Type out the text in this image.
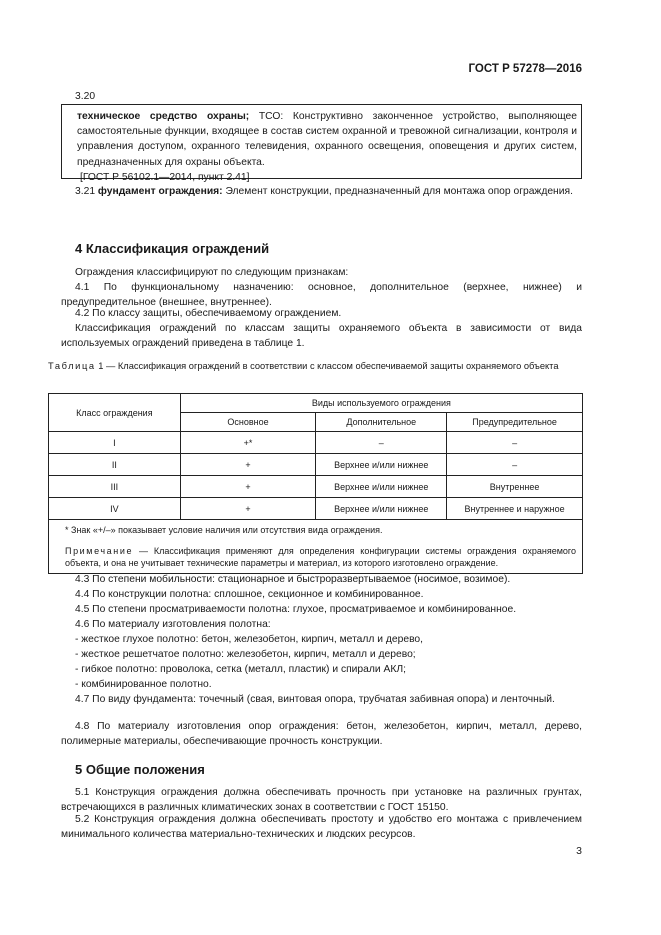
ГОСТ Р 57278—2016
3.20
техническое средство охраны; ТСО: Конструктивно законченное устройство, выполняющее самостоятельные функции, входящее в состав систем охранной и тревожной сигнализации, контроля и управления доступом, охранного телевидения, охранного освещения, оповещения и других систем, предназначенных для охраны объекта.
[ГОСТ Р 56102.1—2014, пункт 2.41]
3.21 фундамент ограждения: Элемент конструкции, предназначенный для монтажа опор ограждения.
4 Классификация ограждений
Ограждения классифицируют по следующим признакам:
4.1 По функциональному назначению: основное, дополнительное (верхнее, нижнее) и предупредительное (внешнее, внутреннее).
4.2 По классу защиты, обеспечиваемому ограждением.
Классификация ограждений по классам защиты охраняемого объекта в зависимости от вида используемых ограждений приведена в таблице 1.
Таблица 1 — Классификация ограждений в соответствии с классом обеспечиваемой защиты охраняемого объекта
Класс ограждения	Виды используемого ограждения		
	Основное	Дополнительное	Предупредительное
I	+*	–	–
II	+	Верхнее и/или нижнее	–
III	+	Верхнее и/или нижнее	Внутреннее
IV	+	Верхнее и/или нижнее	Внутреннее и наружное
* Знак «+/–» показывает условие наличия или отсутствия вида ограждения.
Примечание — Классификация применяют для определения конфигурации системы ограждения охраняемого объекта, и она не учитывает технические параметры и материал, из которого изготовлено ограждение.			
4.3 По степени мобильности: стационарное и быстроразвертываемое (носимое, возимое).
4.4 По конструкции полотна: сплошное, секционное и комбинированное.
4.5 По степени просматриваемости полотна: глухое, просматриваемое и комбинированное.
4.6 По материалу изготовления полотна:
- жесткое глухое полотно: бетон, железобетон, кирпич, металл и дерево,
- жесткое решетчатое полотно: железобетон, кирпич, металл и дерево;
- гибкое полотно: проволока, сетка (металл, пластик) и спирали АКЛ;
- комбинированное полотно.
4.7 По виду фундамента: точечный (свая, винтовая опора, трубчатая забивная опора) и ленточный.
4.8 По материалу изготовления опор ограждения: бетон, железобетон, кирпич, металл, дерево, полимерные материалы, обеспечивающие прочность конструкции.
5 Общие положения
5.1 Конструкция ограждения должна обеспечивать прочность при установке на различных грунтах, встречающихся в различных климатических зонах в соответствии с ГОСТ 15150.
5.2 Конструкция ограждения должна обеспечивать простоту и удобство его монтажа с привлечением минимального количества материально-технических и людских ресурсов.
3
